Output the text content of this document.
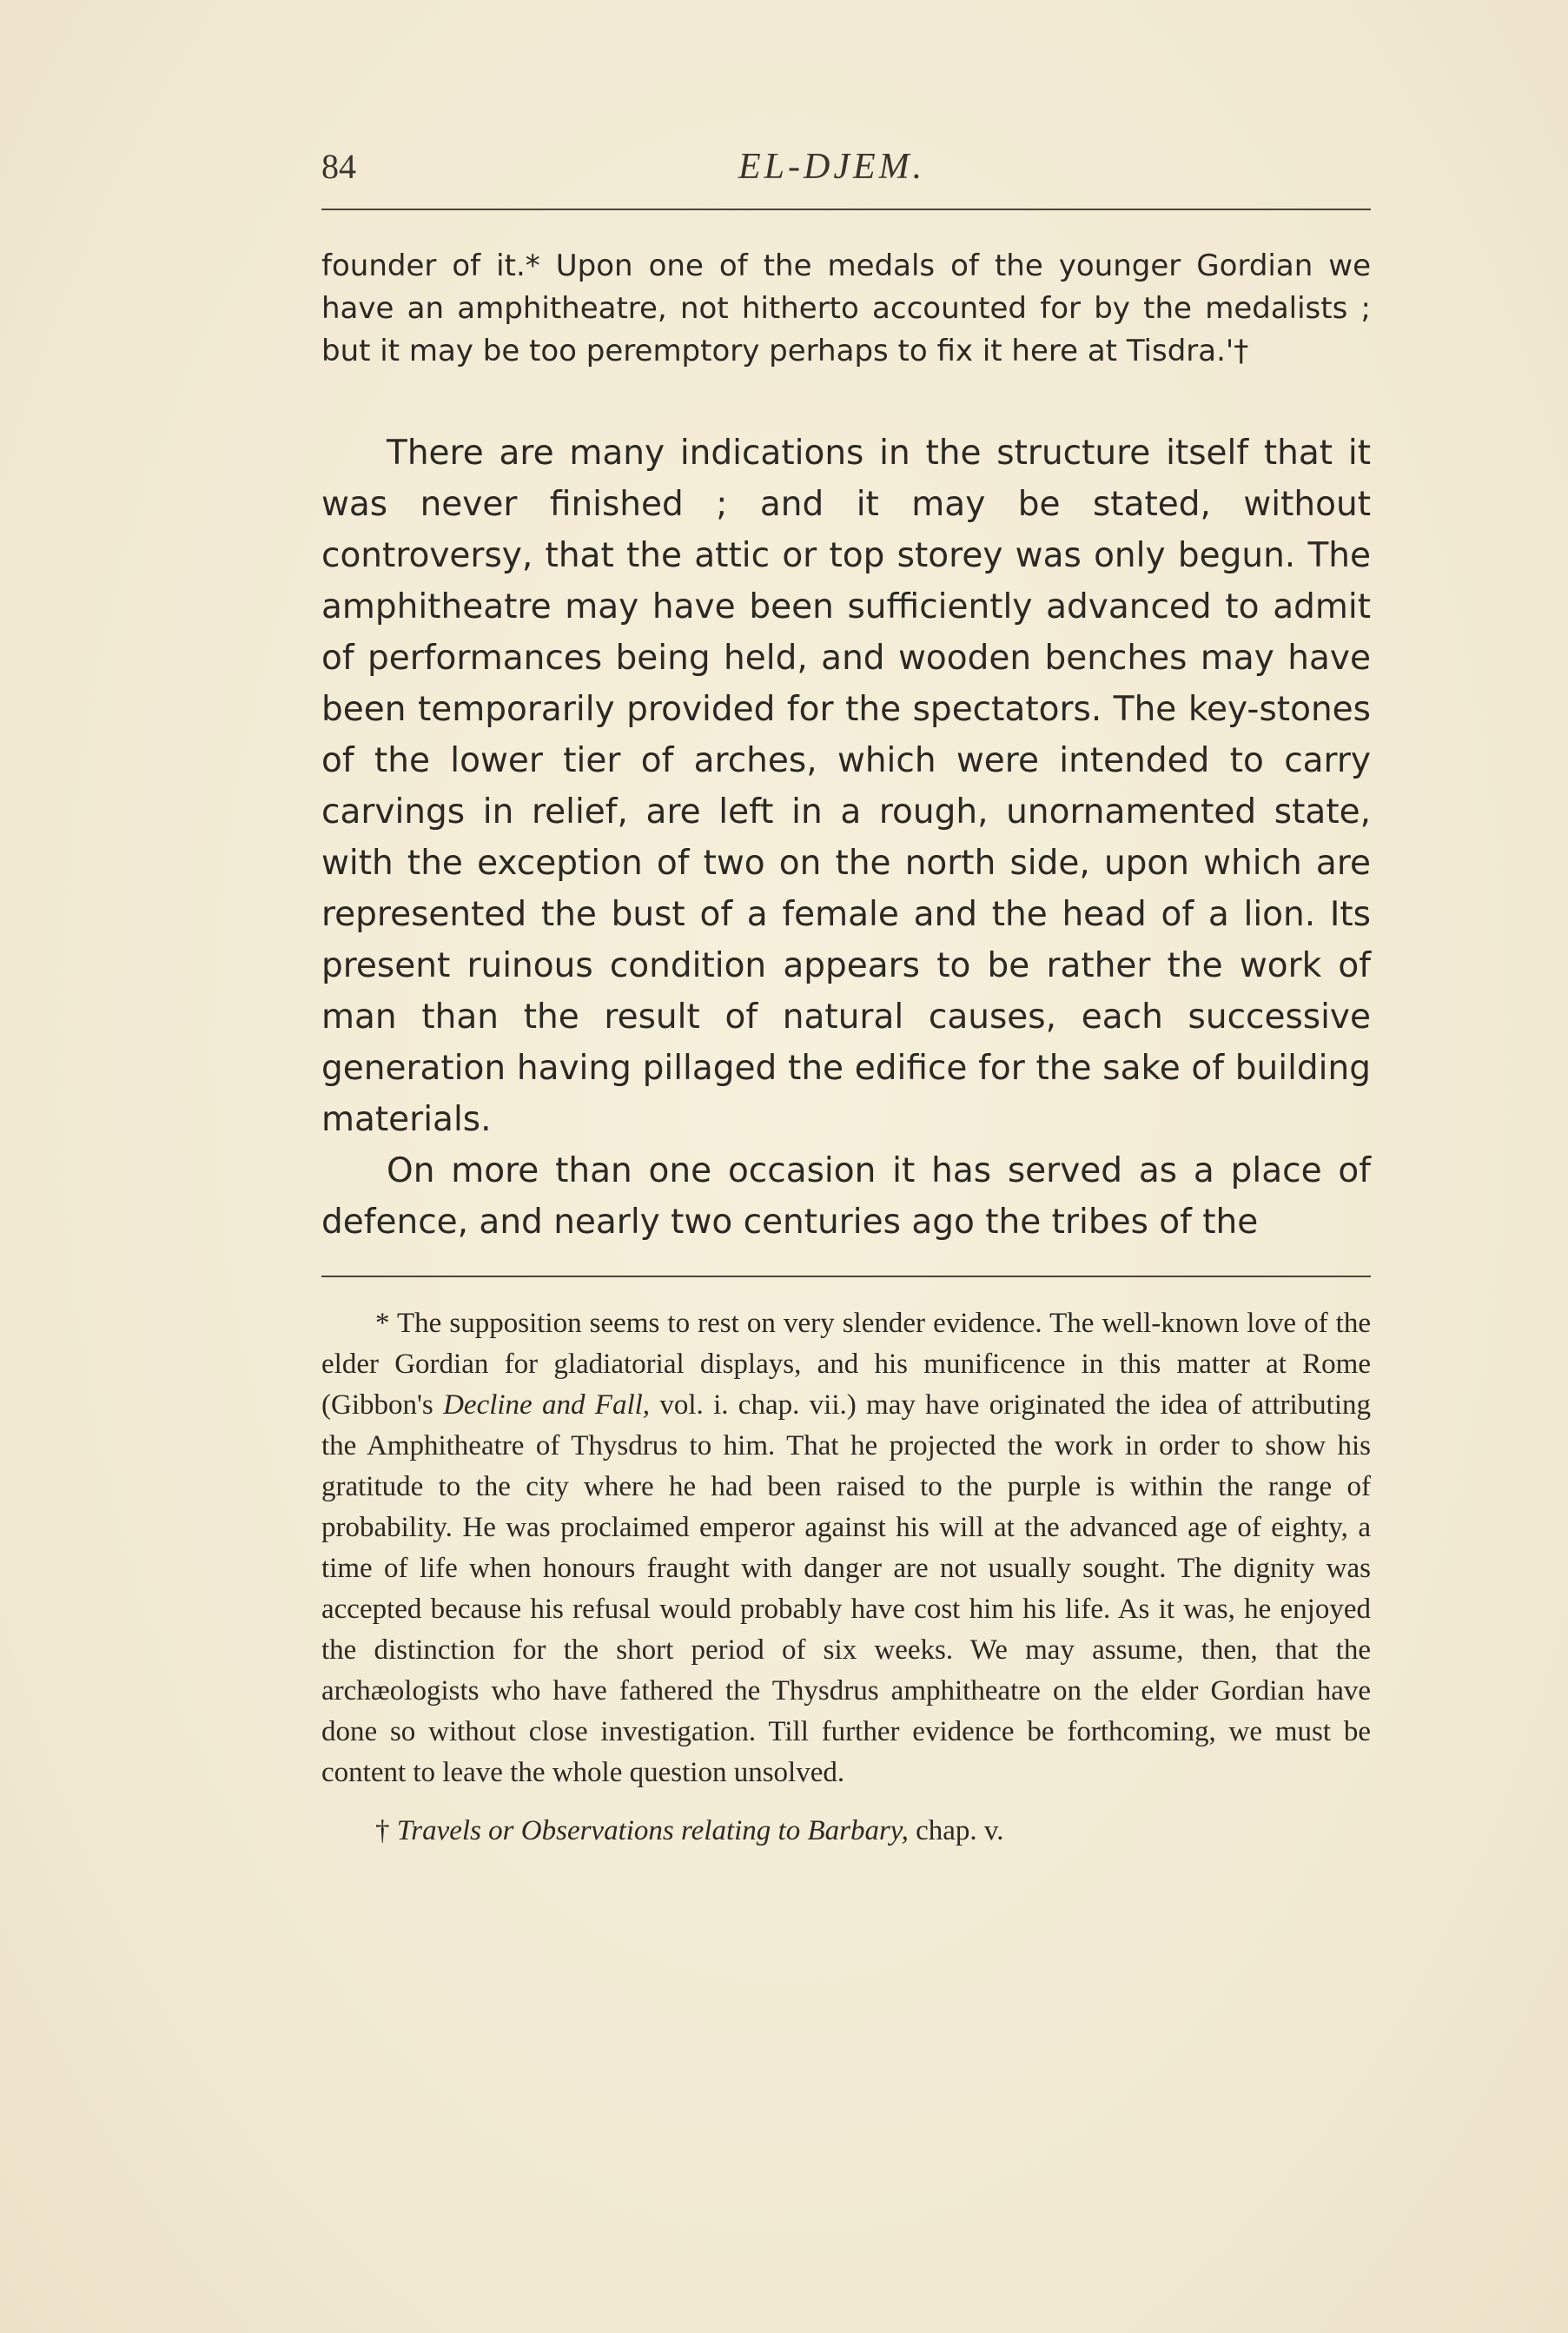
84	EL-DJEM.
founder of it.* Upon one of the medals of the younger Gordian we have an amphitheatre, not hitherto accounted for by the medalists ; but it may be too peremptory perhaps to fix it here at Tisdra.'†

There are many indications in the structure itself that it was never finished ; and it may be stated, without controversy, that the attic or top storey was only begun. The amphitheatre may have been sufficiently advanced to admit of performances being held, and wooden benches may have been temporarily provided for the spectators. The key-stones of the lower tier of arches, which were intended to carry carvings in relief, are left in a rough, unornamented state, with the exception of two on the north side, upon which are represented the bust of a female and the head of a lion. Its present ruinous condition appears to be rather the work of man than the result of natural causes, each successive generation having pillaged the edifice for the sake of building materials.

On more than one occasion it has served as a place of defence, and nearly two centuries ago the tribes of the

* The supposition seems to rest on very slender evidence. The well-known love of the elder Gordian for gladiatorial displays, and his munificence in this matter at Rome (Gibbon's Decline and Fall, vol. i. chap. vii.) may have originated the idea of attributing the Amphitheatre of Thysdrus to him. That he projected the work in order to show his gratitude to the city where he had been raised to the purple is within the range of probability. He was proclaimed emperor against his will at the advanced age of eighty, a time of life when honours fraught with danger are not usually sought. The dignity was accepted because his refusal would probably have cost him his life. As it was, he enjoyed the distinction for the short period of six weeks. We may assume, then, that the archæologists who have fathered the Thysdrus amphitheatre on the elder Gordian have done so without close investigation. Till further evidence be forthcoming, we must be content to leave the whole question unsolved.

† Travels or Observations relating to Barbary, chap. v.
